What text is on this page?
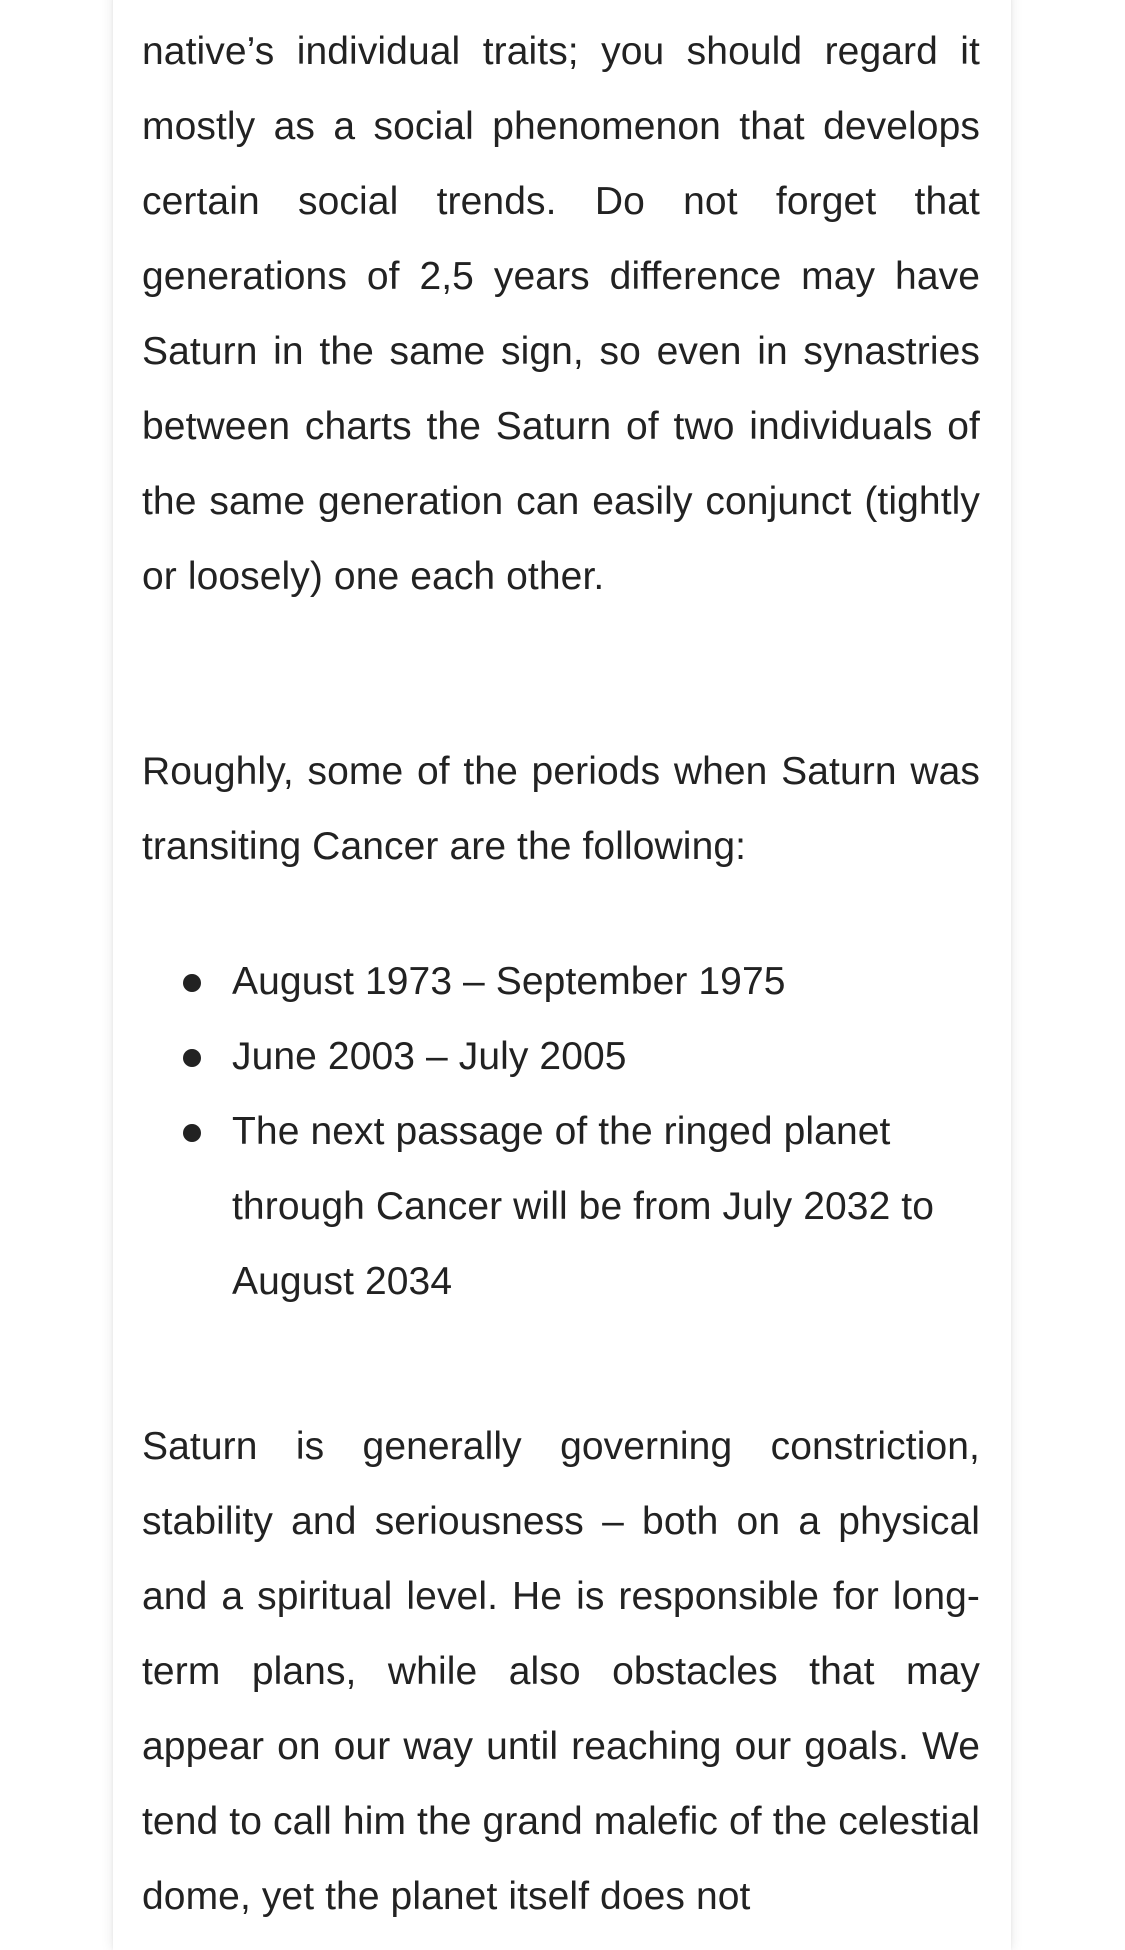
native’s individual traits; you should regard it mostly as a social phenomenon that develops certain social trends. Do not forget that generations of 2,5 years difference may have Saturn in the same sign, so even in synastries between charts the Saturn of two individuals of the same generation can easily conjunct (tightly or loosely) one each other.

Roughly, some of the periods when Saturn was transiting Cancer are the following:

August 1973 – September 1975
June 2003 – July 2005
The next passage of the ringed planet through Cancer will be from July 2032 to August 2034

Saturn is generally governing constriction, stability and seriousness – both on a physical and a spiritual level. He is responsible for long-term plans, while also obstacles that may appear on our way until reaching our goals. We tend to call him the grand malefic of the celestial dome, yet the planet itself does not
